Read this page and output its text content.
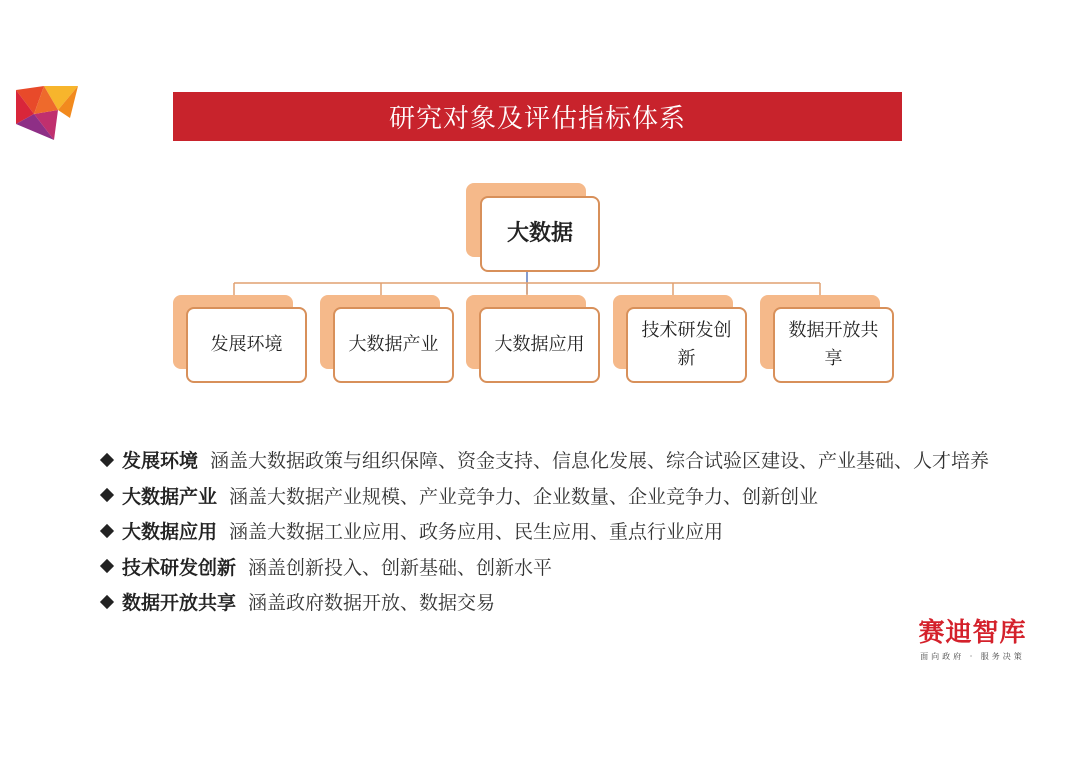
研究对象及评估指标体系
大数据
发展环境	大数据产业	大数据应用
技术研发创新
数据开放共享
发展环境 涵盖大数据政策与组织保障、资金支持、信息化发展、综合试验区建设、产业基础、人才培养
大数据产业 涵盖大数据产业规模、产业竞争力、企业数量、企业竞争力、创新创业
大数据应用 涵盖大数据工业应用、政务应用、民生应用、重点行业应用
技术研发创新 涵盖创新投入、创新基础、创新水平
数据开放共享 涵盖政府数据开放、数据交易
赛迪智库
面向政府 · 服务决策
